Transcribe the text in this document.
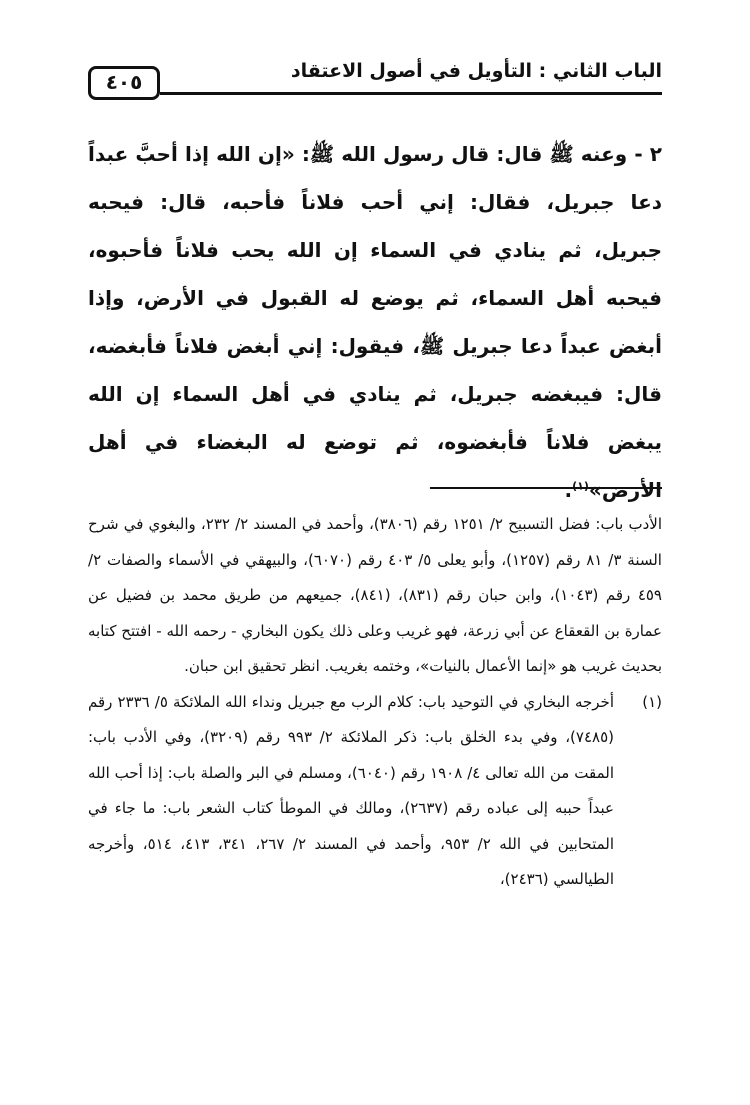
الباب الثاني : التأويل في أصول الاعتقاد
٤٠٥
٢ - وعنه ﷺ قال: قال رسول الله ﷺ: «إن الله إذا أحبَّ عبداً دعا جبريل، فقال: إني أحب فلاناً فأحبه، قال: فيحبه جبريل، ثم ينادي في السماء إن الله يحب فلاناً فأحبوه، فيحبه أهل السماء، ثم يوضع له القبول في الأرض، وإذا أبغض عبداً دعا جبريل ﷺ، فيقول: إني أبغض فلاناً فأبغضه، قال: فيبغضه جبريل، ثم ينادي في أهل السماء إن الله يبغض فلاناً فأبغضوه، ثم توضع له البغضاء في أهل الأرض»$^{(١)}$.
الأدب باب: فضل التسبيح ٢/ ١٢٥١ رقم (٣٨٠٦)، وأحمد في المسند ٢/ ٢٣٢، والبغوي في شرح السنة ٣/ ٨١ رقم (١٢٥٧)، وأبو يعلى ٥/ ٤٠٣ رقم (٦٠٧٠)، والبيهقي في الأسماء والصفات ٢/ ٤٥٩ رقم (١٠٤٣)، وابن حبان رقم (٨٣١)، (٨٤١)، جميعهم من طريق محمد بن فضيل عن عمارة بن القعقاع عن أبي زرعة، فهو غريب وعلى ذلك يكون البخاري - رحمه الله - افتتح كتابه بحديث غريب هو «إنما الأعمال بالنيات»، وختمه بغريب. انظر تحقيق ابن حبان.
(١)
أخرجه البخاري في التوحيد باب: كلام الرب مع جبريل ونداء الله الملائكة ٥/ ٢٣٣٦ رقم (٧٤٨٥)، وفي بدء الخلق باب: ذكر الملائكة ٢/ ٩٩٣ رقم (٣٢٠٩)، وفي الأدب باب: المقت من الله تعالى ٤/ ١٩٠٨ رقم (٦٠٤٠)، ومسلم في البر والصلة باب: إذا أحب الله عبداً حببه إلى عباده رقم (٢٦٣٧)، ومالك في الموطأ كتاب الشعر باب: ما جاء في المتحابين في الله ٢/ ٩٥٣، وأحمد في المسند ٢/ ٢٦٧، ٣٤١، ٤١٣، ٥١٤، وأخرجه الطيالسي (٢٤٣٦)،
